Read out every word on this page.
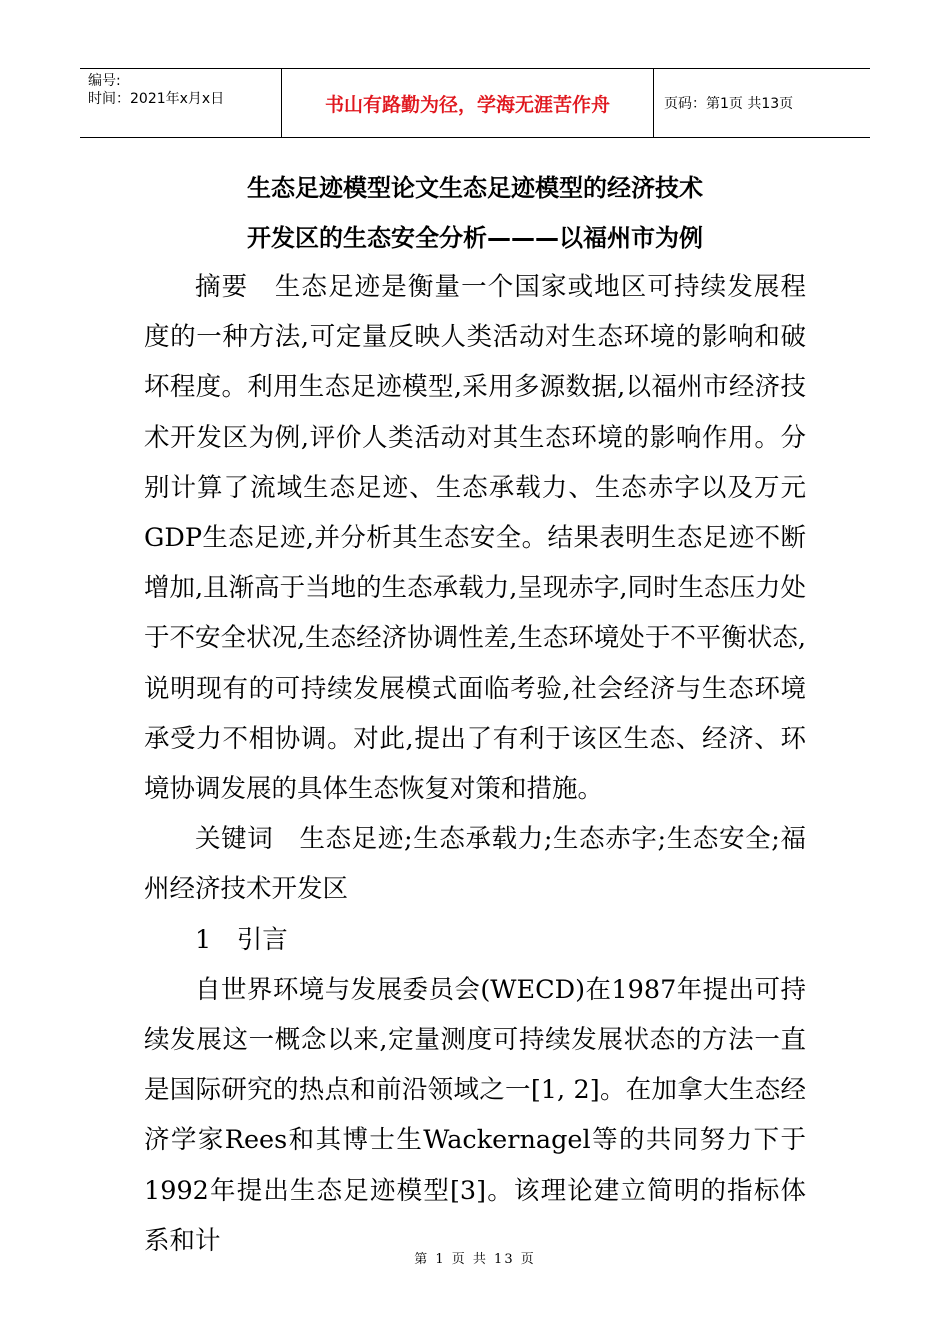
编号:
时间：2021年x月x日	书山有路勤为径，学海无涯苦作舟	页码：第1页 共13页
生态足迹模型论文生态足迹模型的经济技术
开发区的生态安全分析———以福州市为例

摘要　生态足迹是衡量一个国家或地区可持续发展程度的一种方法,可定量反映人类活动对生态环境的影响和破坏程度。利用生态足迹模型,采用多源数据,以福州市经济技术开发区为例,评价人类活动对其生态环境的影响作用。分别计算了流域生态足迹、生态承载力、生态赤字以及万元GDP生态足迹,并分析其生态安全。结果表明生态足迹不断增加,且渐高于当地的生态承载力,呈现赤字,同时生态压力处于不安全状况,生态经济协调性差,生态环境处于不平衡状态,说明现有的可持续发展模式面临考验,社会经济与生态环境承受力不相协调。对此,提出了有利于该区生态、经济、环境协调发展的具体生态恢复对策和措施。

关键词　生态足迹;生态承载力;生态赤字;生态安全;福州经济技术开发区

1　引言

自世界环境与发展委员会(WECD)在1987年提出可持续发展这一概念以来,定量测度可持续发展状态的方法一直是国际研究的热点和前沿领域之一[1, 2]。在加拿大生态经济学家Rees和其博士生Wackernagel等的共同努力下于1992年提出生态足迹模型[3]。该理论建立简明的指标体系和计

第 1 页 共 13 页
